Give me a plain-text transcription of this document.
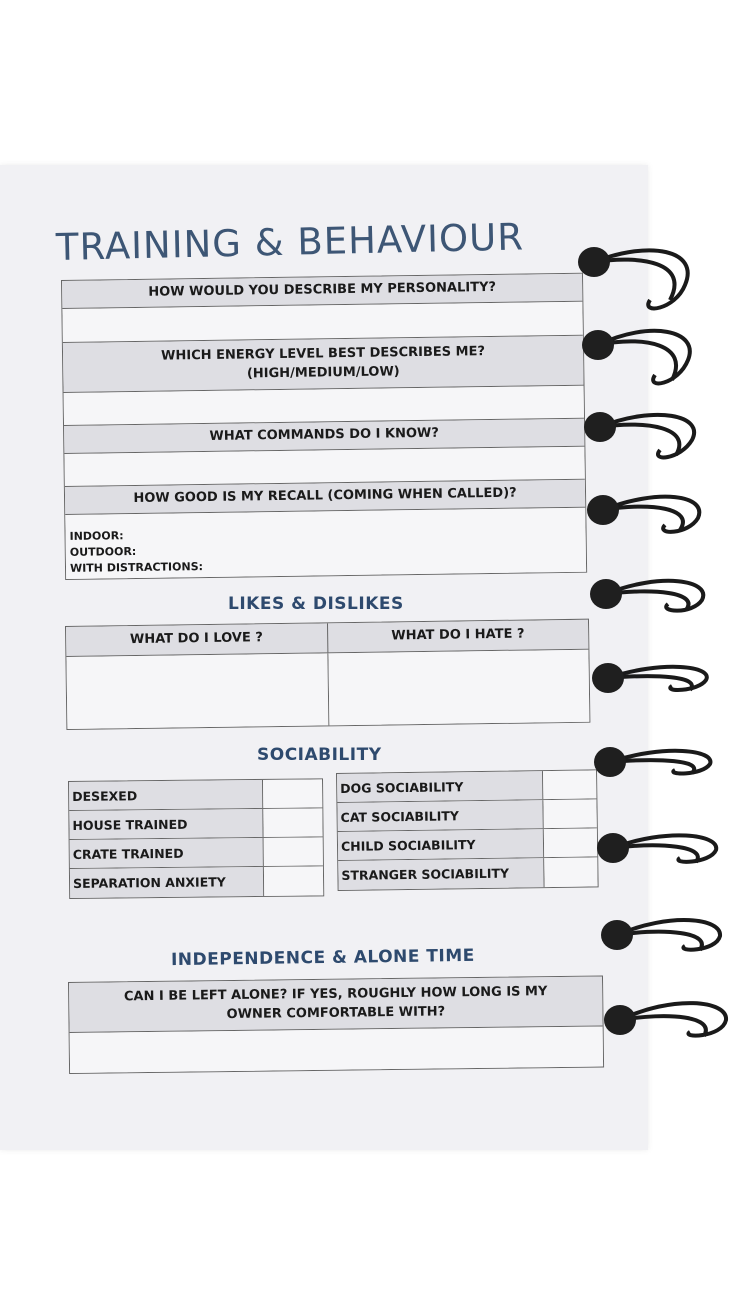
TRAINING & BEHAVIOUR
HOW WOULD YOU DESCRIBE MY PERSONALITY?
WHICH ENERGY LEVEL BEST DESCRIBES ME?
(HIGH/MEDIUM/LOW)
WHAT COMMANDS DO I KNOW?
HOW GOOD IS MY RECALL (COMING WHEN CALLED)?
INDOOR:
OUTDOOR:
WITH DISTRACTIONS:
LIKES & DISLIKES
WHAT DO I LOVE ?	WHAT DO I HATE ?
SOCIABILITY
DESEXED
HOUSE TRAINED
CRATE TRAINED
SEPARATION ANXIETY
DOG SOCIABILITY
CAT SOCIABILITY
CHILD SOCIABILITY
STRANGER SOCIABILITY
INDEPENDENCE & ALONE TIME
CAN I BE LEFT ALONE? IF YES, ROUGHLY HOW LONG IS MY
OWNER COMFORTABLE WITH?
